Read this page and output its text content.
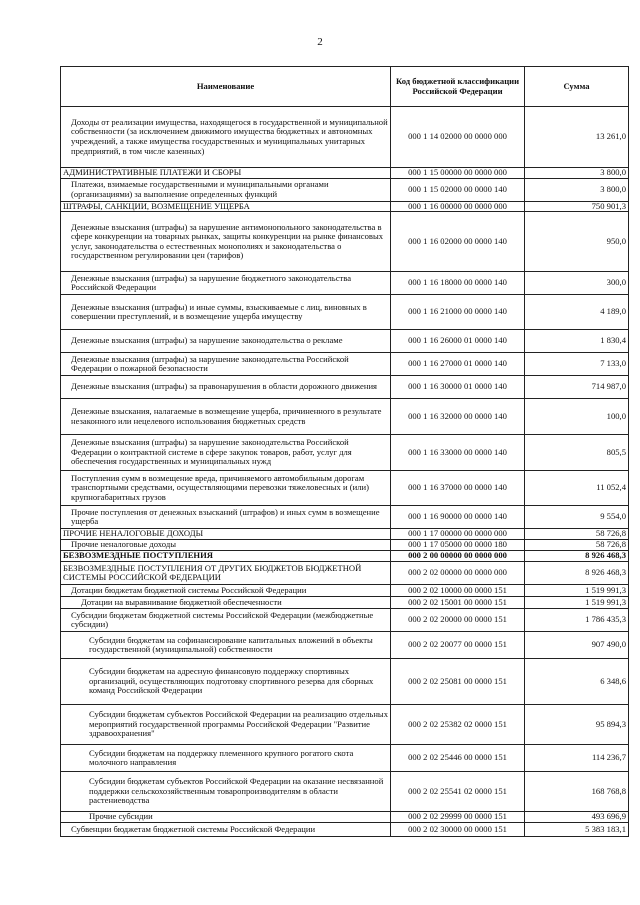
2
Наименование	Код бюджетной классификации Российской Федерации	Сумма
Доходы от реализации имущества, находящегося в государственной и муниципальной собственности (за исключением движимого имущества бюджетных и автономных учреждений, а также имущества государственных и муниципальных унитарных предприятий, в том числе казенных)	000 1 14 02000 00 0000 000	13 261,0
АДМИНИСТРАТИВНЫЕ ПЛАТЕЖИ И СБОРЫ	000 1 15 00000 00 0000 000	3 800,0
Платежи, взимаемые государственными и муниципальными органами (организациями) за выполнение определенных функций	000 1 15 02000 00 0000 140	3 800,0
ШТРАФЫ, САНКЦИИ, ВОЗМЕЩЕНИЕ УЩЕРБА	000 1 16 00000 00 0000 000	750 901,3
Денежные взыскания (штрафы) за нарушение антимонопольного законодательства в сфере конкуренции на товарных рынках, защиты конкуренции на рынке финансовых услуг, законодательства о естественных монополиях и законодательства о государственном регулировании цен (тарифов)	000 1 16 02000 00 0000 140	950,0
Денежные взыскания (штрафы) за нарушение бюджетного законодательства Российской Федерации	000 1 16 18000 00 0000 140	300,0
Денежные взыскания (штрафы) и иные суммы, взыскиваемые с лиц, виновных в совершении преступлений, и в возмещение ущерба имуществу	000 1 16 21000 00 0000 140	4 189,0
Денежные взыскания (штрафы) за нарушение законодательства о рекламе	000 1 16 26000 01 0000 140	1 830,4
Денежные взыскания (штрафы) за нарушение законодательства Российской Федерации о пожарной безопасности	000 1 16 27000 01 0000 140	7 133,0
Денежные взыскания (штрафы) за правонарушения в области дорожного движения	000 1 16 30000 01 0000 140	714 987,0
Денежные взыскания, налагаемые в возмещение ущерба, причиненного в результате незаконного или нецелевого использования бюджетных средств	000 1 16 32000 00 0000 140	100,0
Денежные взыскания (штрафы) за нарушение законодательства Российской Федерации о контрактной системе в сфере закупок товаров, работ, услуг для обеспечения государственных и муниципальных нужд	000 1 16 33000 00 0000 140	805,5
Поступления сумм в возмещение вреда, причиняемого автомобильным дорогам транспортными средствами, осуществляющими перевозки тяжеловесных и (или) крупногабаритных грузов	000 1 16 37000 00 0000 140	11 052,4
Прочие поступления от денежных взысканий (штрафов) и иных сумм в возмещение ущерба	000 1 16 90000 00 0000 140	9 554,0
ПРОЧИЕ НЕНАЛОГОВЫЕ ДОХОДЫ	000 1 17 00000 00 0000 000	58 726,8
Прочие неналоговые доходы	000 1 17 05000 00 0000 180	58 726,8
БЕЗВОЗМЕЗДНЫЕ ПОСТУПЛЕНИЯ	000 2 00 00000 00 0000 000	8 926 468,3
БЕЗВОЗМЕЗДНЫЕ ПОСТУПЛЕНИЯ ОТ ДРУГИХ БЮДЖЕТОВ БЮДЖЕТНОЙ СИСТЕМЫ РОССИЙСКОЙ ФЕДЕРАЦИИ	000 2 02 00000 00 0000 000	8 926 468,3
Дотации бюджетам бюджетной системы Российской Федерации	000 2 02 10000 00 0000 151	1 519 991,3
Дотации на выравнивание бюджетной обеспеченности	000 2 02 15001 00 0000 151	1 519 991,3
Субсидии бюджетам бюджетной системы Российской Федерации (межбюджетные субсидии)	000 2 02 20000 00 0000 151	1 786 435,3
Субсидии бюджетам на софинансирование капитальных вложений в объекты государственной (муниципальной) собственности	000 2 02 20077 00 0000 151	907 490,0
Субсидии бюджетам на адресную финансовую поддержку спортивных организаций, осуществляющих подготовку спортивного резерва для сборных команд Российской Федерации	000 2 02 25081 00 0000 151	6 348,6
Субсидии бюджетам субъектов Российской Федерации на реализацию отдельных мероприятий государственной программы Российской Федерации "Развитие здравоохранения"	000 2 02 25382 02 0000 151	95 894,3
Субсидии бюджетам на поддержку племенного крупного рогатого скота молочного направления	000 2 02 25446 00 0000 151	114 236,7
Субсидии бюджетам субъектов Российской Федерации на оказание несвязанной поддержки сельскохозяйственным товаропроизводителям в области растениеводства	000 2 02 25541 02 0000 151	168 768,8
Прочие субсидии	000 2 02 29999 00 0000 151	493 696,9
Субвенции бюджетам бюджетной системы Российской Федерации	000 2 02 30000 00 0000 151	5 383 183,1
